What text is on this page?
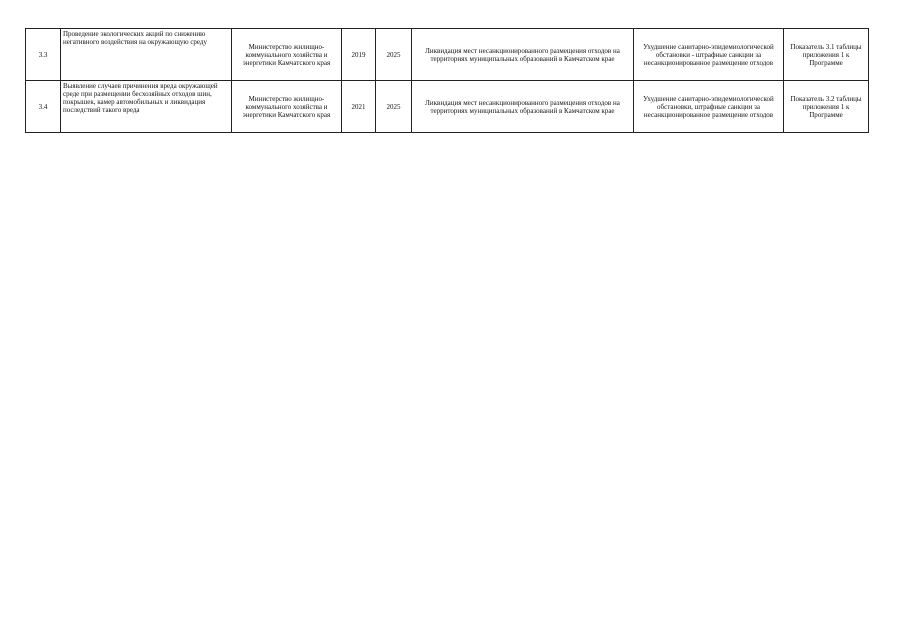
3.3	Проведение экологических акций по снижению негативного воздействия на окружающую среду	Министерство жилищно-коммунального хозяйства и энергетики Камчатского края	2019	2025	Ликвидация мест несанкционированного размещения отходов на территориях муниципальных образований в Камчатском крае	Ухудшение санитарно-эпидемиологической обстановки - штрафные санкции за несанкционированное размещение отходов	Показатель 3.1 таблицы приложения 1 к Программе
3.4	Выявление случаев причинения вреда окружающей среде при размещении бесхозяйных отходов шин, покрышек, камер автомобильных и ликвидация последствий такого вреда	Министерство жилищно-коммунального хозяйства и энергетики Камчатского края	2021	2025	Ликвидация мест несанкционированного размещения отходов на территориях муниципальных образований в Камчатском крае	Ухудшение санитарно-эпидемиологической обстановки, штрафные санкции за несанкционированное размещение отходов	Показатель 3.2 таблицы приложения 1 к Программе
